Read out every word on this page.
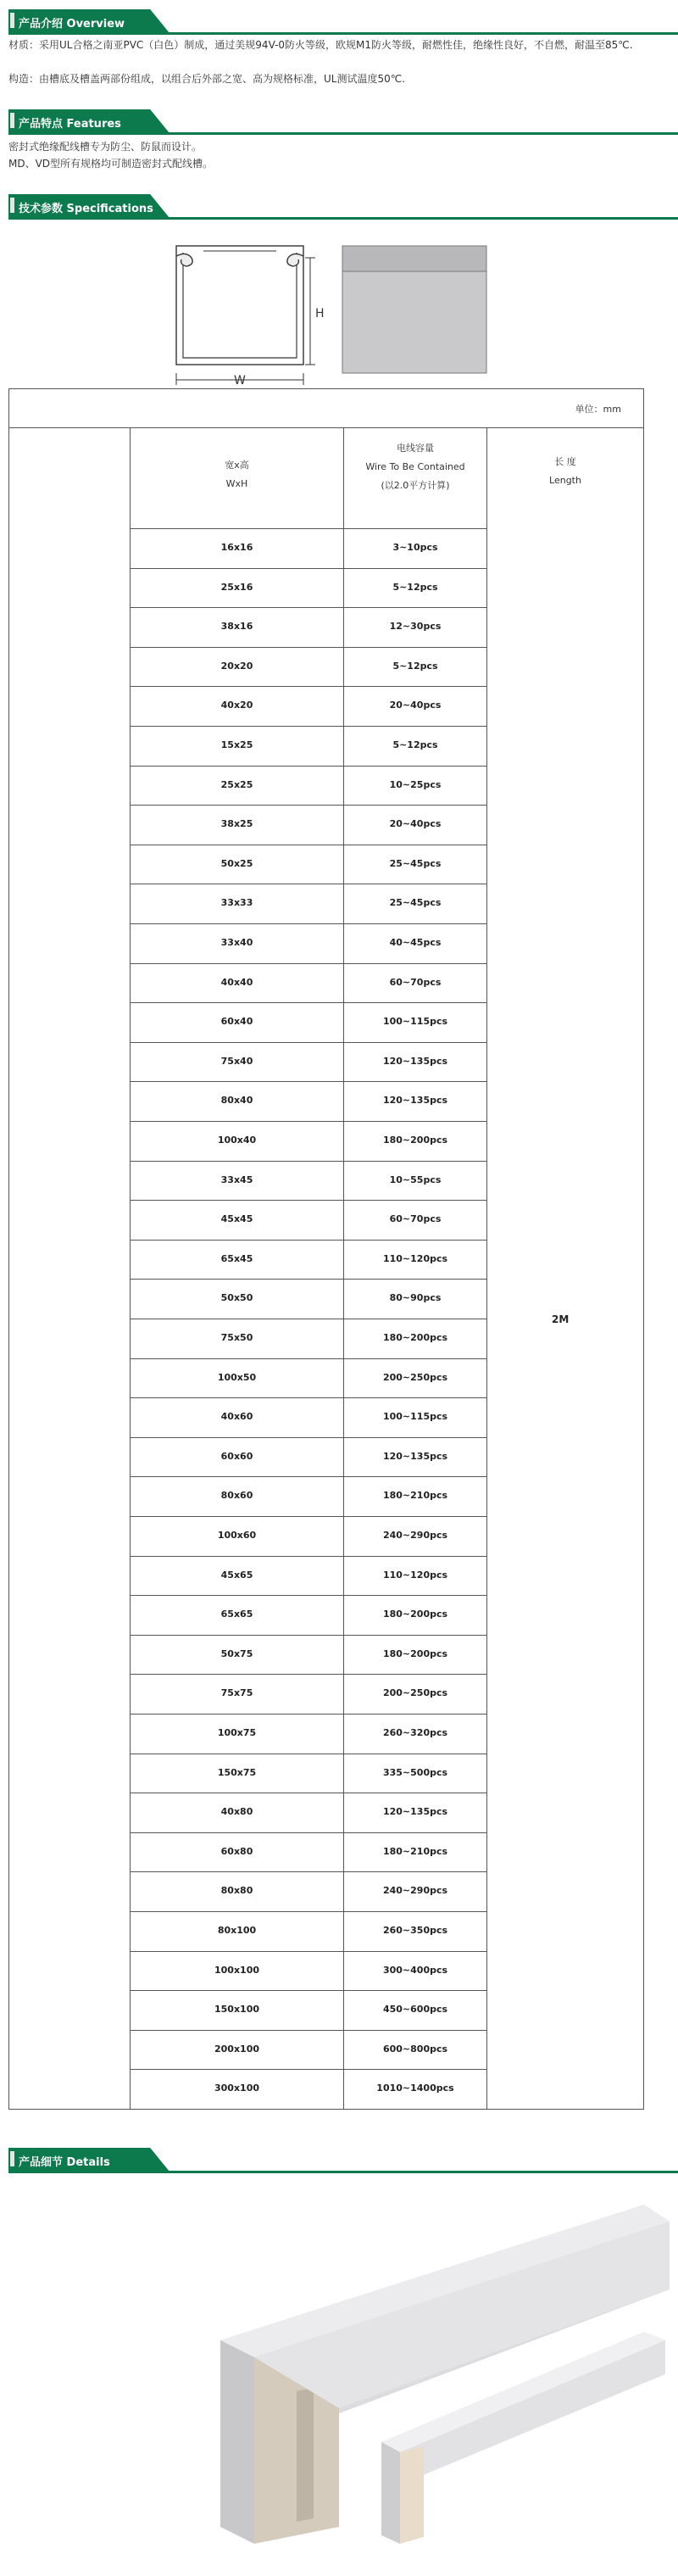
产品介绍 Overview

材质：采用UL合格之南亚PVC（白色）制成，通过美规94V-0防火等级，欧规M1防火等级，耐燃性佳，绝缘性良好，不自燃，耐温至85℃.

构造：由槽底及槽盖两部份组成，以组合后外部之宽、高为规格标准，UL测试温度50℃.

产品特点 Features

密封式绝缘配线槽专为防尘、防鼠而设计。

MD、VD型所有规格均可制造密封式配线槽。

技术参数 Specifications
H
W
单位：mm
宽x高
WxH
电线容量
Wire To Be Contained
(以2.0平方计算)
长 度
Length
16x16	3~10pcs
25x16	5~12pcs
38x16	12~30pcs
20x20	5~12pcs
40x20	20~40pcs
15x25	5~12pcs
25x25	10~25pcs
38x25	20~40pcs
50x25	25~45pcs
33x33	25~45pcs
33x40	40~45pcs
40x40	60~70pcs
60x40	100~115pcs
75x40	120~135pcs
80x40	120~135pcs
100x40	180~200pcs
33x45	10~55pcs
45x45	60~70pcs
65x45	110~120pcs
50x50	80~90pcs
75x50	180~200pcs
100x50	200~250pcs
40x60	100~115pcs
60x60	120~135pcs
80x60	180~210pcs
100x60	240~290pcs
45x65	110~120pcs
65x65	180~200pcs
50x75	180~200pcs
75x75	200~250pcs
100x75	260~320pcs
150x75	335~500pcs
40x80	120~135pcs
60x80	180~210pcs
80x80	240~290pcs
80x100	260~350pcs
100x100	300~400pcs
150x100	450~600pcs
200x100	600~800pcs
300x100	1010~1400pcs
2M
产品细节 Details
